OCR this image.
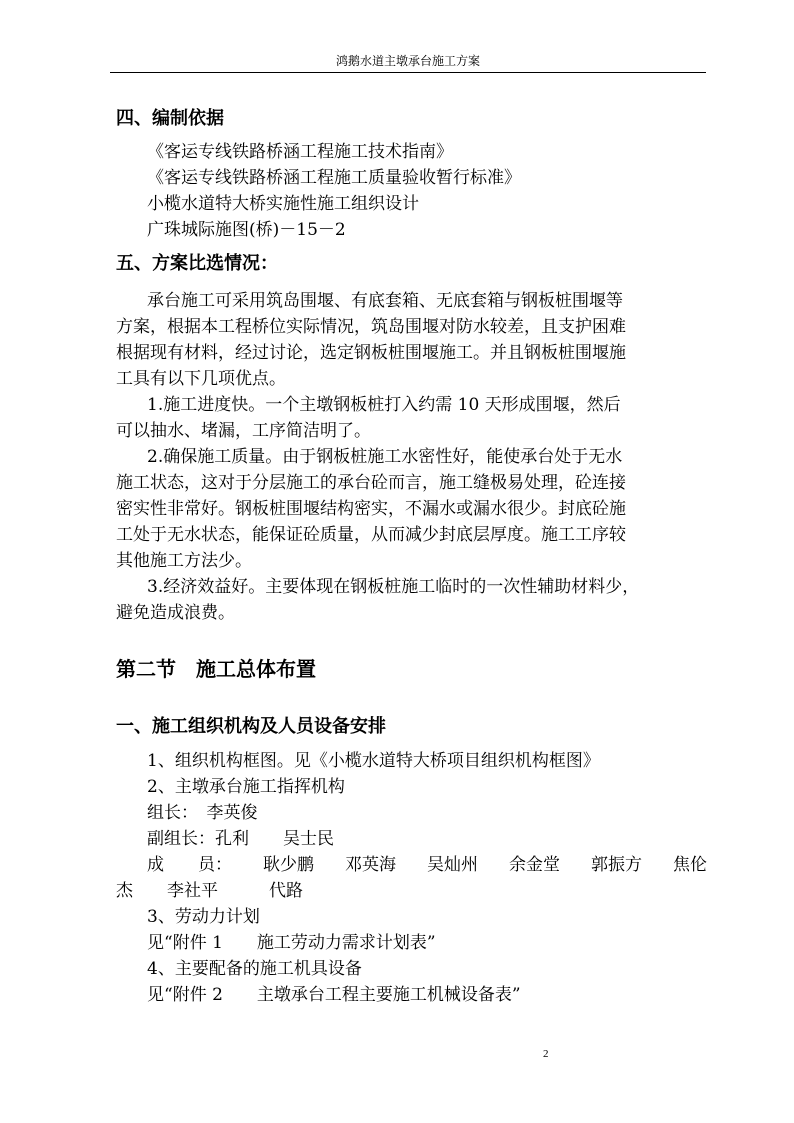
鸿鹅水道主墩承台施工方案
四、编制依据
《客运专线铁路桥涵工程施工技术指南》
《客运专线铁路桥涵工程施工质量验收暂行标准》
小榄水道特大桥实施性施工组织设计
广珠城际施图(桥)－15－2
五、方案比选情况：
承台施工可采用筑岛围堰、有底套箱、无底套箱与钢板桩围堰等
方案，根据本工程桥位实际情况，筑岛围堰对防水较差，且支护困难
根据现有材料，经过讨论，选定钢板桩围堰施工。并且钢板桩围堰施
工具有以下几项优点。
1.施工进度快。一个主墩钢板桩打入约需 10 天形成围堰，然后
可以抽水、堵漏，工序简洁明了。
2.确保施工质量。由于钢板桩施工水密性好，能使承台处于无水
施工状态，这对于分层施工的承台砼而言，施工缝极易处理，砼连接
密实性非常好。钢板桩围堰结构密实，不漏水或漏水很少。封底砼施
工处于无水状态，能保证砼质量，从而减少封底层厚度。施工工序较
其他施工方法少。
3.经济效益好。主要体现在钢板桩施工临时的一次性辅助材料少，
避免造成浪费。
第二节　施工总体布置
一、施工组织机构及人员设备安排
1、组织机构框图。见《小榄水道特大桥项目组织机构框图》
2、主墩承台施工指挥机构
组长：　李英俊
副组长：孔利　　吴士民
成　　员： 耿少鹏 邓英海 吴灿州 余金堂 郭振方 焦伦
杰　　李社平　　　代路
3、劳动力计划
见“附件 1　　施工劳动力需求计划表”
4、主要配备的施工机具设备
见“附件 2　　主墩承台工程主要施工机械设备表”
2
